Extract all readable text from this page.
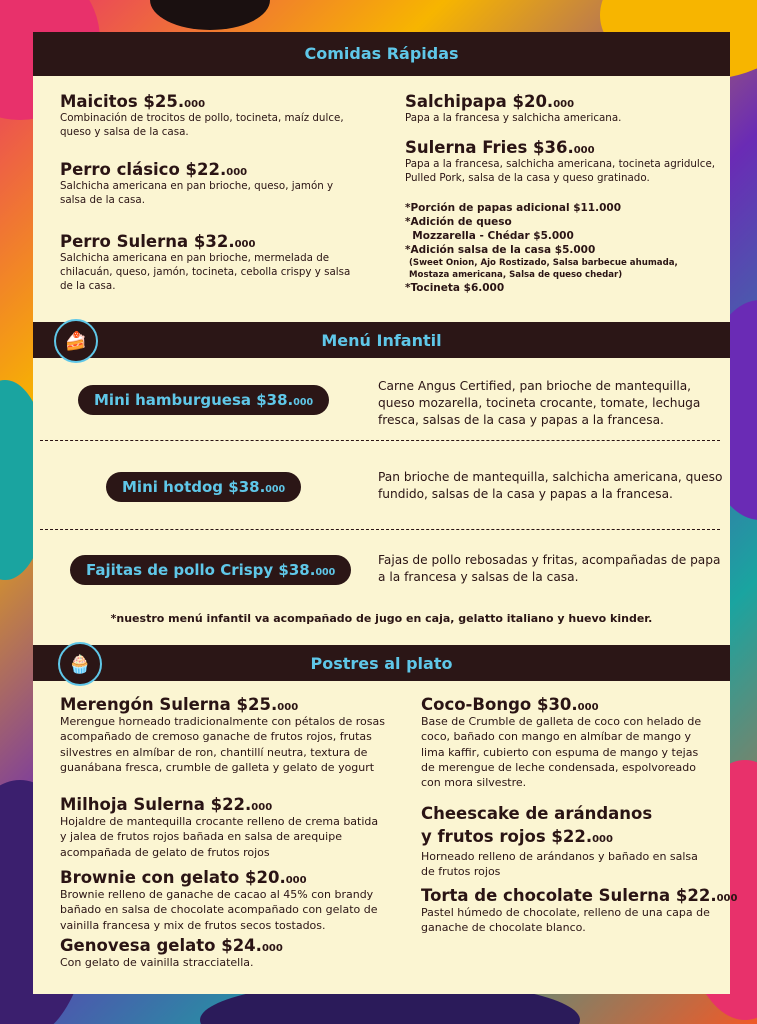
Comidas Rápidas
Maicitos $25.000
Combinación de trocitos de pollo, tocineta, maíz dulce, queso y salsa de la casa.
Perro clásico $22.000
Salchicha americana en pan brioche, queso, jamón y salsa de la casa.
Perro Sulerna $32.000
Salchicha americana en pan brioche, mermelada de chilacuán, queso, jamón, tocineta, cebolla crispy y salsa de la casa.
Salchipapa $20.000
Papa a la francesa y salchicha americana.
Sulerna Fries $36.000
Papa a la francesa, salchicha americana, tocineta agridulce, Pulled Pork, salsa de la casa y queso gratinado.
*Porción de papas adicional $11.000
*Adición de queso
Mozzarella - Chédar $5.000
*Adición salsa de la casa $5.000
(Sweet Onion, Ajo Rostizado, Salsa barbecue ahumada, Mostaza americana, Salsa de queso chedar)
*Tocineta $6.000
Menú Infantil
🍰
Mini hamburguesa $38.000
Carne Angus Certified, pan brioche de mantequilla, queso mozarella, tocineta crocante, tomate, lechuga fresca, salsas de la casa y papas a la francesa.
Mini hotdog $38.000
Pan brioche de mantequilla, salchicha americana, queso fundido, salsas de la casa y papas a la francesa.
Fajitas de pollo Crispy $38.000
Fajas de pollo rebosadas y fritas, acompañadas de papa a la francesa y salsas de la casa.
*nuestro menú infantil va acompañado de jugo en caja, gelatto italiano y huevo kinder.
Postres al plato
🧁
Merengón Sulerna $25.000
Merengue horneado tradicionalmente con pétalos de rosas acompañado de cremoso ganache de frutos rojos, frutas silvestres en almíbar de ron, chantillí neutra, textura de guanábana fresca, crumble de galleta y gelato de yogurt
Milhoja Sulerna $22.000
Hojaldre de mantequilla crocante relleno de crema batida y jalea de frutos rojos bañada en salsa de arequipe acompañada de gelato de frutos rojos
Brownie con gelato $20.000
Brownie relleno de ganache de cacao al 45% con brandy bañado en salsa de chocolate acompañado con gelato de vainilla francesa y mix de frutos secos tostados.
Genovesa gelato $24.000
Con gelato de vainilla stracciatella.
Coco-Bongo $30.000
Base de Crumble de galleta de coco con helado de coco, bañado con mango en almíbar de mango y lima kaffir, cubierto con espuma de mango y tejas de merengue de leche condensada, espolvoreado con mora silvestre.
Cheescake de arándanos
y frutos rojos $22.000
Horneado relleno de arándanos y bañado en salsa de frutos rojos
Torta de chocolate Sulerna $22.000
Pastel húmedo de chocolate, relleno de una capa de ganache de chocolate blanco.
